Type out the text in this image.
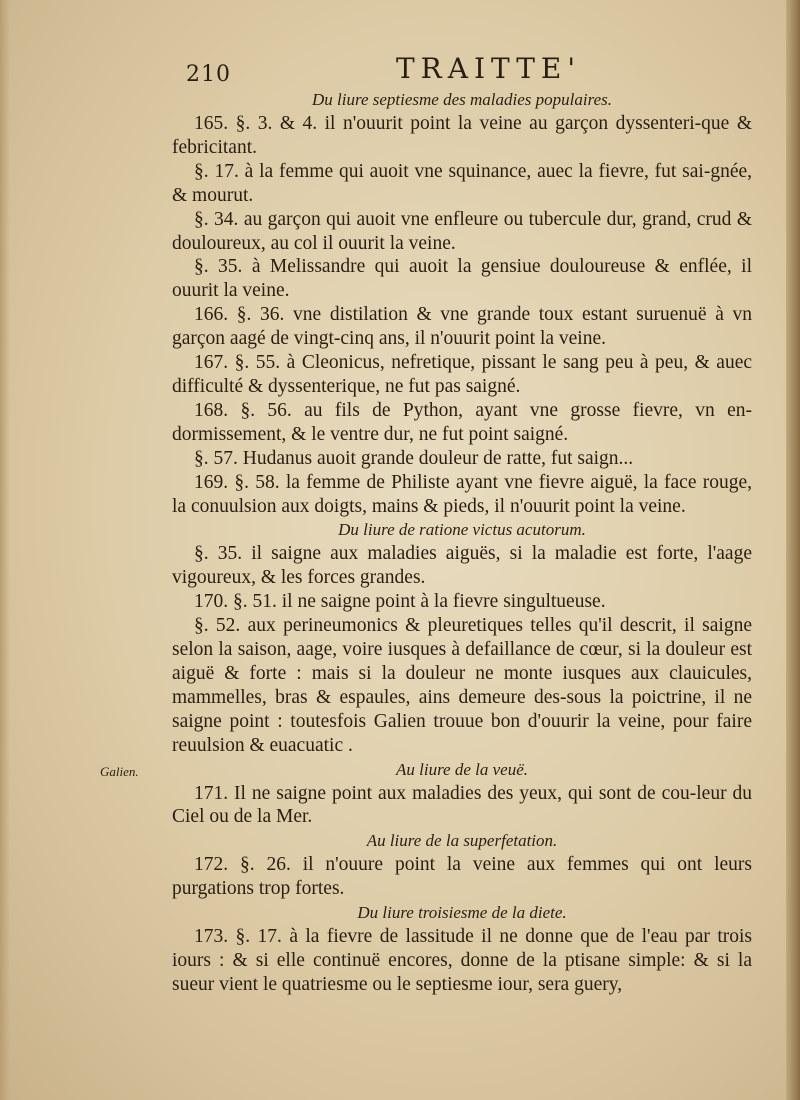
210	TRAITTE'
Galien.

Du liure septiesme des maladies populaires.

165. §. 3. & 4. il n'ouurit point la veine au garçon dyssenteri-que & febricitant.

§. 17. à la femme qui auoit vne squinance, auec la fievre, fut sai-gnée, & mourut.

§. 34. au garçon qui auoit vne enfleure ou tubercule dur, grand, crud & douloureux, au col il ouurit la veine.

§. 35. à Melissandre qui auoit la gensiue douloureuse & enflée, il ouurit la veine.

166. §. 36. vne distilation & vne grande toux estant suruenuë à vn garçon aagé de vingt-cinq ans, il n'ouurit point la veine.

167. §. 55. à Cleonicus, nefretique, pissant le sang peu à peu, & auec difficulté & dyssenterique, ne fut pas saigné.

168. §. 56. au fils de Python, ayant vne grosse fievre, vn en-dormissement, & le ventre dur, ne fut point saigné.

§. 57. Hudanus auoit grande douleur de ratte, fut saign...

169. §. 58. la femme de Philiste ayant vne fievre aiguë, la face rouge, la conuulsion aux doigts, mains & pieds, il n'ouurit point la veine.

Du liure de ratione victus acutorum.

§. 35. il saigne aux maladies aiguës, si la maladie est forte, l'aage vigoureux, & les forces grandes.

170. §. 51. il ne saigne point à la fievre singultueuse.

§. 52. aux perineumonics & pleuretiques telles qu'il descrit, il saigne selon la saison, aage, voire iusques à defaillance de cœur, si la douleur est aiguë & forte : mais si la douleur ne monte iusques aux clauicules, mammelles, bras & espaules, ains demeure des-sous la poictrine, il ne saigne point : toutesfois Galien trouue bon d'ouurir la veine, pour faire reuulsion & euacuatic .

Au liure de la veuë.

171. Il ne saigne point aux maladies des yeux, qui sont de cou-leur du Ciel ou de la Mer.

Au liure de la superfetation.

172. §. 26. il n'ouure point la veine aux femmes qui ont leurs purgations trop fortes.

Du liure troisiesme de la diete.

173. §. 17. à la fievre de lassitude il ne donne que de l'eau par trois iours : & si elle continuë encores, donne de la ptisane simple: & si la sueur vient le quatriesme ou le septiesme iour, sera guery,
